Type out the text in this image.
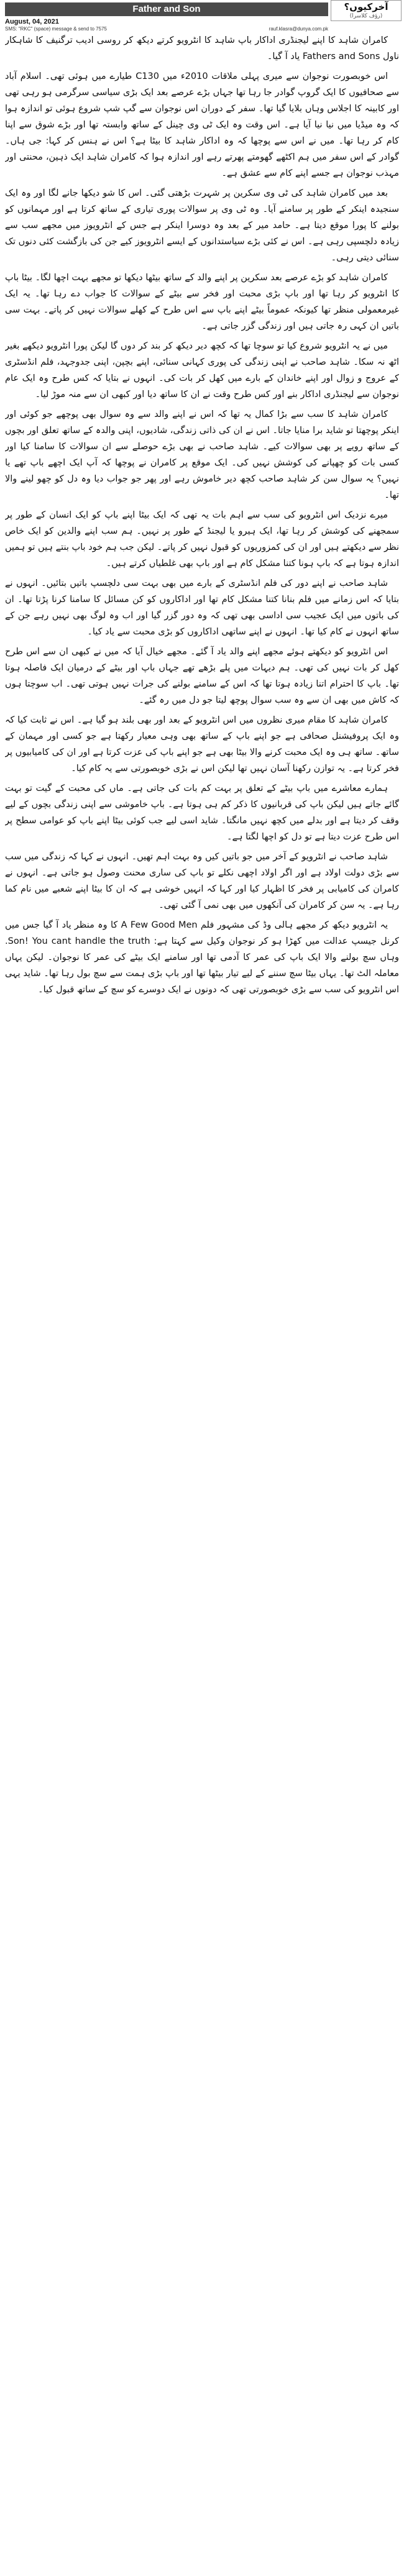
Father and Son	آخرکیوں؟
(رؤف کلاسرا)
August, 04, 2021
SMS: "RKC" (space) message & send to 7575	rauf.klasra@dunya.com.pk

کامران شاہد کا اپنے لیجنڈری اداکار باپ شاہد کا انٹرویو کرتے دیکھ کر روسی ادیب ترگنیف کا شاہکار ناول Fathers and Sons یاد آ گیا۔

اس خوبصورت نوجوان سے میری پہلی ملاقات 2010ء میں C130 طیارے میں ہوئی تھی۔ اسلام آباد سے صحافیوں کا ایک گروپ گوادر جا رہا تھا جہاں بڑے عرصے بعد ایک بڑی سیاسی سرگرمی ہو رہی تھی اور کابینہ کا اجلاس وہاں بلایا گیا تھا۔ سفر کے دوران اس نوجوان سے گپ شپ شروع ہوئی تو اندازہ ہوا کہ وہ میڈیا میں نیا نیا آیا ہے۔ اس وقت وہ ایک ٹی وی چینل کے ساتھ وابستہ تھا اور بڑے شوق سے اپنا کام کر رہا تھا۔ میں نے اس سے پوچھا کہ وہ اداکار شاہد کا بیٹا ہے؟ اس نے ہنس کر کہا: جی ہاں۔ گوادر کے اس سفر میں ہم اکٹھے گھومتے پھرتے رہے اور اندازہ ہوا کہ کامران شاہد ایک ذہین، محنتی اور مہذب نوجوان ہے جسے اپنے کام سے عشق ہے۔

بعد میں کامران شاہد کی ٹی وی سکرین پر شہرت بڑھتی گئی۔ اس کا شو دیکھا جانے لگا اور وہ ایک سنجیدہ اینکر کے طور پر سامنے آیا۔ وہ ٹی وی پر سوالات پوری تیاری کے ساتھ کرتا ہے اور مہمانوں کو بولنے کا پورا موقع دیتا ہے۔ حامد میر کے بعد وہ دوسرا اینکر ہے جس کے انٹرویوز میں مجھے سب سے زیادہ دلچسپی رہی ہے۔ اس نے کئی بڑے سیاستدانوں کے ایسے انٹرویوز کیے جن کی بازگشت کئی دنوں تک سنائی دیتی رہی۔

کامران شاہد کو بڑے عرصے بعد سکرین پر اپنے والد کے ساتھ بیٹھا دیکھا تو مجھے بہت اچھا لگا۔ بیٹا باپ کا انٹرویو کر رہا تھا اور باپ بڑی محبت اور فخر سے بیٹے کے سوالات کا جواب دے رہا تھا۔ یہ ایک غیرمعمولی منظر تھا کیونکہ عموماً بیٹے اپنے باپ سے اس طرح کے کھلے سوالات نہیں کر پاتے۔ بہت سی باتیں ان کہی رہ جاتی ہیں اور زندگی گزر جاتی ہے۔

میں نے یہ انٹرویو شروع کیا تو سوچا تھا کہ کچھ دیر دیکھ کر بند کر دوں گا لیکن پورا انٹرویو دیکھے بغیر اٹھ نہ سکا۔ شاہد صاحب نے اپنی زندگی کی پوری کہانی سنائی، اپنے بچپن، اپنی جدوجہد، فلم انڈسٹری کے عروج و زوال اور اپنے خاندان کے بارے میں کھل کر بات کی۔ انہوں نے بتایا کہ کس طرح وہ ایک عام نوجوان سے لیجنڈری اداکار بنے اور کس طرح وقت نے ان کا ساتھ دیا اور کبھی ان سے منہ موڑ لیا۔

کامران شاہد کا سب سے بڑا کمال یہ تھا کہ اس نے اپنے والد سے وہ سوال بھی پوچھے جو کوئی اور اینکر پوچھتا تو شاید برا منایا جاتا۔ اس نے ان کی ذاتی زندگی، شادیوں، اپنی والدہ کے ساتھ تعلق اور بچوں کے ساتھ رویے پر بھی سوالات کیے۔ شاہد صاحب نے بھی بڑے حوصلے سے ان سوالات کا سامنا کیا اور کسی بات کو چھپانے کی کوشش نہیں کی۔ ایک موقع پر کامران نے پوچھا کہ آپ ایک اچھے باپ تھے یا نہیں؟ یہ سوال سن کر شاہد صاحب کچھ دیر خاموش رہے اور پھر جو جواب دیا وہ دل کو چھو لینے والا تھا۔

میرے نزدیک اس انٹرویو کی سب سے اہم بات یہ تھی کہ ایک بیٹا اپنے باپ کو ایک انسان کے طور پر سمجھنے کی کوشش کر رہا تھا، ایک ہیرو یا لیجنڈ کے طور پر نہیں۔ ہم سب اپنے والدین کو ایک خاص نظر سے دیکھتے ہیں اور ان کی کمزوریوں کو قبول نہیں کر پاتے۔ لیکن جب ہم خود باپ بنتے ہیں تو ہمیں اندازہ ہوتا ہے کہ باپ ہونا کتنا مشکل کام ہے اور باپ بھی غلطیاں کرتے ہیں۔

شاہد صاحب نے اپنے دور کی فلم انڈسٹری کے بارے میں بھی بہت سی دلچسپ باتیں بتائیں۔ انہوں نے بتایا کہ اس زمانے میں فلم بنانا کتنا مشکل کام تھا اور اداکاروں کو کن مسائل کا سامنا کرنا پڑتا تھا۔ ان کی باتوں میں ایک عجیب سی اداسی بھی تھی کہ وہ دور گزر گیا اور اب وہ لوگ بھی نہیں رہے جن کے ساتھ انہوں نے کام کیا تھا۔ انہوں نے اپنے ساتھی اداکاروں کو بڑی محبت سے یاد کیا۔

اس انٹرویو کو دیکھتے ہوئے مجھے اپنے والد یاد آ گئے۔ مجھے خیال آیا کہ میں نے کبھی ان سے اس طرح کھل کر بات نہیں کی تھی۔ ہم دیہات میں پلے بڑھے تھے جہاں باپ اور بیٹے کے درمیان ایک فاصلہ ہوتا تھا۔ باپ کا احترام اتنا زیادہ ہوتا تھا کہ اس کے سامنے بولنے کی جرات نہیں ہوتی تھی۔ اب سوچتا ہوں کہ کاش میں بھی ان سے وہ سب سوال پوچھ لیتا جو دل میں رہ گئے۔

کامران شاہد کا مقام میری نظروں میں اس انٹرویو کے بعد اور بھی بلند ہو گیا ہے۔ اس نے ثابت کیا کہ وہ ایک پروفیشنل صحافی ہے جو اپنے باپ کے ساتھ بھی وہی معیار رکھتا ہے جو کسی اور مہمان کے ساتھ۔ ساتھ ہی وہ ایک محبت کرنے والا بیٹا بھی ہے جو اپنے باپ کی عزت کرتا ہے اور ان کی کامیابیوں پر فخر کرتا ہے۔ یہ توازن رکھنا آسان نہیں تھا لیکن اس نے بڑی خوبصورتی سے یہ کام کیا۔

ہمارے معاشرے میں باپ بیٹے کے تعلق پر بہت کم بات کی جاتی ہے۔ ماں کی محبت کے گیت تو بہت گائے جاتے ہیں لیکن باپ کی قربانیوں کا ذکر کم ہی ہوتا ہے۔ باپ خاموشی سے اپنی زندگی بچوں کے لیے وقف کر دیتا ہے اور بدلے میں کچھ نہیں مانگتا۔ شاید اسی لیے جب کوئی بیٹا اپنے باپ کو عوامی سطح پر اس طرح عزت دیتا ہے تو دل کو اچھا لگتا ہے۔

شاہد صاحب نے انٹرویو کے آخر میں جو باتیں کیں وہ بہت اہم تھیں۔ انہوں نے کہا کہ زندگی میں سب سے بڑی دولت اولاد ہے اور اگر اولاد اچھی نکلے تو باپ کی ساری محنت وصول ہو جاتی ہے۔ انہوں نے کامران کی کامیابی پر فخر کا اظہار کیا اور کہا کہ انہیں خوشی ہے کہ ان کا بیٹا اپنے شعبے میں نام کما رہا ہے۔ یہ سن کر کامران کی آنکھوں میں بھی نمی آ گئی تھی۔

یہ انٹرویو دیکھ کر مجھے ہالی وڈ کی مشہور فلم A Few Good Men کا وہ منظر یاد آ گیا جس میں کرنل جیسپ عدالت میں کھڑا ہو کر نوجوان وکیل سے کہتا ہے: Son! You cant handle the truth. وہاں سچ بولنے والا ایک باپ کی عمر کا آدمی تھا اور سامنے ایک بیٹے کی عمر کا نوجوان۔ لیکن یہاں معاملہ الٹ تھا۔ یہاں بیٹا سچ سننے کے لیے تیار بیٹھا تھا اور باپ بڑی ہمت سے سچ بول رہا تھا۔ شاید یہی اس انٹرویو کی سب سے بڑی خوبصورتی تھی کہ دونوں نے ایک دوسرے کو سچ کے ساتھ قبول کیا۔
